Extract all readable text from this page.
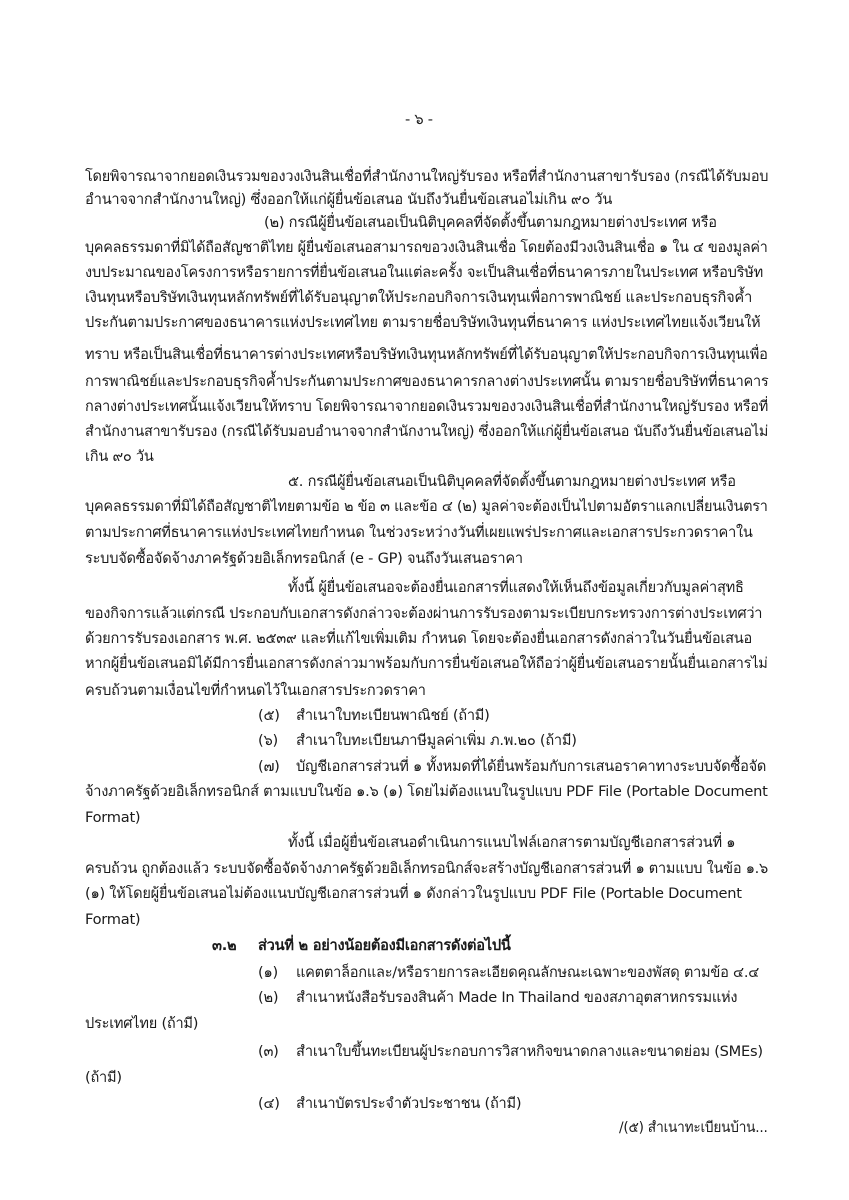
- ๖ -
โดยพิจารณาจากยอดเงินรวมของวงเงินสินเชื่อที่สำนักงานใหญ่รับรอง หรือที่สำนักงานสาขารับรอง (กรณีได้รับมอบ
อำนาจจากสำนักงานใหญ่) ซึ่งออกให้แก่ผู้ยื่นข้อเสนอ นับถึงวันยื่นข้อเสนอไม่เกิน ๙๐ วัน
(๒) กรณีผู้ยื่นข้อเสนอเป็นนิติบุคคลที่จัดตั้งขึ้นตามกฎหมายต่างประเทศ หรือ
บุคคลธรรมดาที่มิได้ถือสัญชาติไทย ผู้ยื่นข้อเสนอสามารถขอวงเงินสินเชื่อ โดยต้องมีวงเงินสินเชื่อ ๑ ใน ๔ ของมูลค่า
งบประมาณของโครงการหรือรายการที่ยื่นข้อเสนอในแต่ละครั้ง จะเป็นสินเชื่อที่ธนาคารภายในประเทศ หรือบริษัท
เงินทุนหรือบริษัทเงินทุนหลักทรัพย์ที่ได้รับอนุญาตให้ประกอบกิจการเงินทุนเพื่อการพาณิชย์ และประกอบธุรกิจค้ำ
ประกันตามประกาศของธนาคารแห่งประเทศไทย ตามรายชื่อบริษัทเงินทุนที่ธนาคาร แห่งประเทศไทยแจ้งเวียนให้
ทราบ หรือเป็นสินเชื่อที่ธนาคารต่างประเทศหรือบริษัทเงินทุนหลักทรัพย์ที่ได้รับอนุญาตให้ประกอบกิจการเงินทุนเพื่อ
การพาณิชย์และประกอบธุรกิจค้ำประกันตามประกาศของธนาคารกลางต่างประเทศนั้น ตามรายชื่อบริษัทที่ธนาคาร
กลางต่างประเทศนั้นแจ้งเวียนให้ทราบ โดยพิจารณาจากยอดเงินรวมของวงเงินสินเชื่อที่สำนักงานใหญ่รับรอง หรือที่
สำนักงานสาขารับรอง (กรณีได้รับมอบอำนาจจากสำนักงานใหญ่) ซึ่งออกให้แก่ผู้ยื่นข้อเสนอ นับถึงวันยื่นข้อเสนอไม่
เกิน ๙๐ วัน
๕. กรณีผู้ยื่นข้อเสนอเป็นนิติบุคคลที่จัดตั้งขึ้นตามกฎหมายต่างประเทศ หรือ
บุคคลธรรมดาที่มิได้ถือสัญชาติไทยตามข้อ ๒ ข้อ ๓ และข้อ ๔ (๒) มูลค่าจะต้องเป็นไปตามอัตราแลกเปลี่ยนเงินตรา
ตามประกาศที่ธนาคารแห่งประเทศไทยกำหนด ในช่วงระหว่างวันที่เผยแพร่ประกาศและเอกสารประกวดราคาใน
ระบบจัดซื้อจัดจ้างภาครัฐด้วยอิเล็กทรอนิกส์ (e - GP) จนถึงวันเสนอราคา
ทั้งนี้ ผู้ยื่นข้อเสนอจะต้องยื่นเอกสารที่แสดงให้เห็นถึงข้อมูลเกี่ยวกับมูลค่าสุทธิ
ของกิจการแล้วแต่กรณี ประกอบกับเอกสารดังกล่าวจะต้องผ่านการรับรองตามระเบียบกระทรวงการต่างประเทศว่า
ด้วยการรับรองเอกสาร พ.ศ. ๒๕๓๙ และที่แก้ไขเพิ่มเติม กำหนด โดยจะต้องยื่นเอกสารดังกล่าวในวันยื่นข้อเสนอ
หากผู้ยื่นข้อเสนอมิได้มีการยื่นเอกสารดังกล่าวมาพร้อมกับการยื่นข้อเสนอให้ถือว่าผู้ยื่นข้อเสนอรายนั้นยื่นเอกสารไม่
ครบถ้วนตามเงื่อนไขที่กำหนดไว้ในเอกสารประกวดราคา
(๕) สำเนาใบทะเบียนพาณิชย์ (ถ้ามี)
(๖) สำเนาใบทะเบียนภาษีมูลค่าเพิ่ม ภ.พ.๒๐ (ถ้ามี)
(๗) บัญชีเอกสารส่วนที่ ๑ ทั้งหมดที่ได้ยื่นพร้อมกับการเสนอราคาทางระบบจัดซื้อจัด
จ้างภาครัฐด้วยอิเล็กทรอนิกส์ ตามแบบในข้อ ๑.๖ (๑) โดยไม่ต้องแนบในรูปแบบ PDF File (Portable Document
Format)
ทั้งนี้ เมื่อผู้ยื่นข้อเสนอดำเนินการแนบไฟล์เอกสารตามบัญชีเอกสารส่วนที่ ๑
ครบถ้วน ถูกต้องแล้ว ระบบจัดซื้อจัดจ้างภาครัฐด้วยอิเล็กทรอนิกส์จะสร้างบัญชีเอกสารส่วนที่ ๑ ตามแบบ ในข้อ ๑.๖
(๑) ให้โดยผู้ยื่นข้อเสนอไม่ต้องแนบบัญชีเอกสารส่วนที่ ๑ ดังกล่าวในรูปแบบ PDF File (Portable Document
Format)
๓.๒ ส่วนที่ ๒ อย่างน้อยต้องมีเอกสารดังต่อไปนี้
(๑) แคตตาล็อกและ/หรือรายการละเอียดคุณลักษณะเฉพาะของพัสดุ ตามข้อ ๔.๔
(๒) สำเนาหนังสือรับรองสินค้า Made In Thailand ของสภาอุตสาหกรรมแห่ง
ประเทศไทย (ถ้ามี)
(๓) สำเนาใบขึ้นทะเบียนผู้ประกอบการวิสาหกิจขนาดกลางและขนาดย่อม (SMEs)
(ถ้ามี)
(๔) สำเนาบัตรประจำตัวประชาชน (ถ้ามี)
/(๕) สำเนาทะเบียนบ้าน...
